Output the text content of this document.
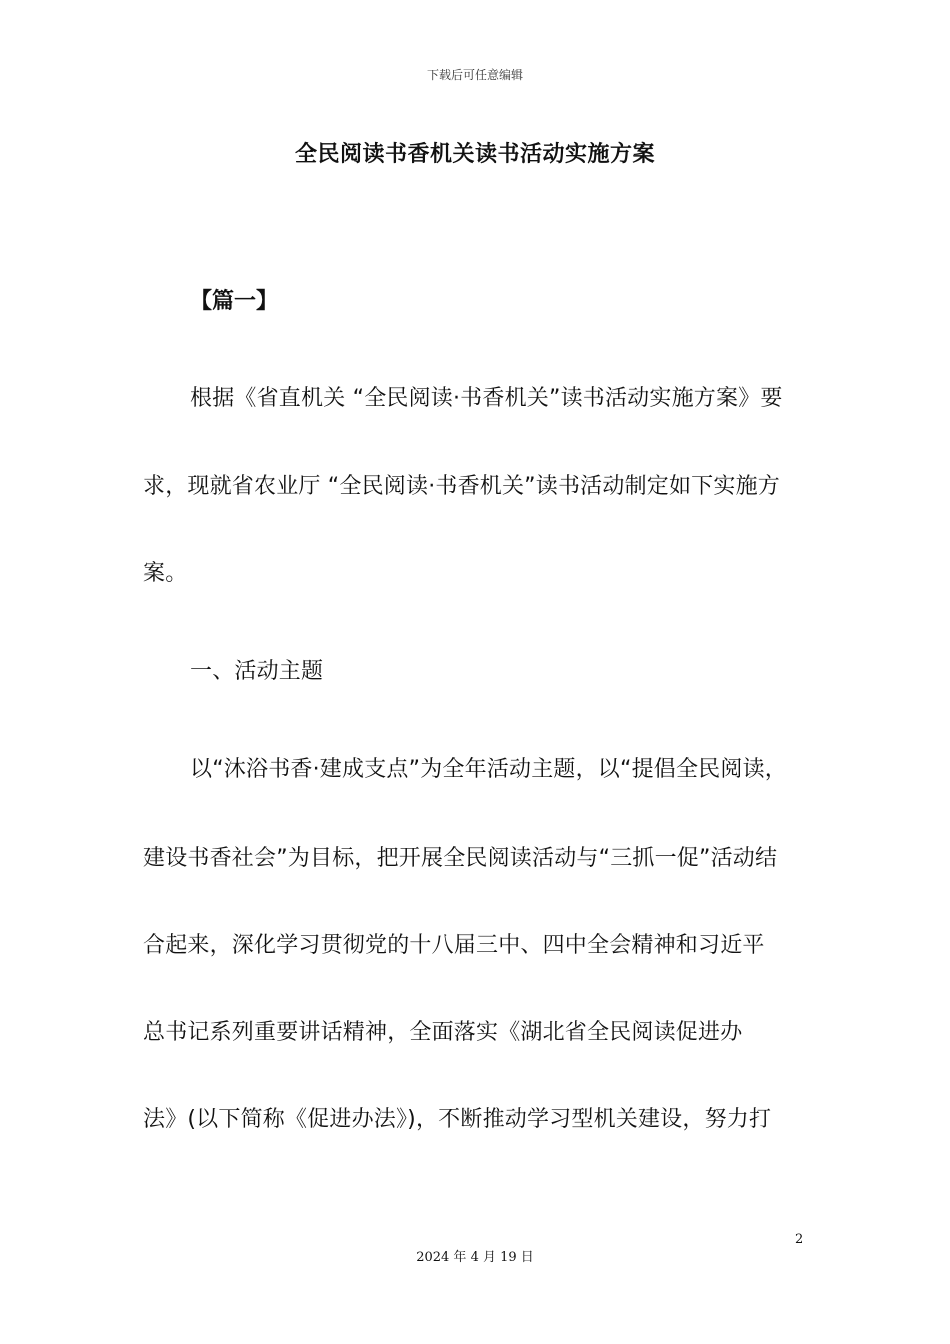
下载后可任意编辑
全民阅读书香机关读书活动实施方案
【篇一】
根据《省直机关 “全民阅读·书香机关”读书活动实施方案》要
求，现就省农业厅 “全民阅读·书香机关”读书活动制定如下实施方
案。
一、活动主题
以“沐浴书香·建成支点”为全年活动主题，以“提倡全民阅读，
建设书香社会”为目标，把开展全民阅读活动与“三抓一促”活动结
合起来，深化学习贯彻党的十八届三中、四中全会精神和习近平
总书记系列重要讲话精神，全面落实《湖北省全民阅读促进办
法》(以下简称《促进办法》)，不断推动学习型机关建设，努力打
2
2024 年 4 月 19 日
